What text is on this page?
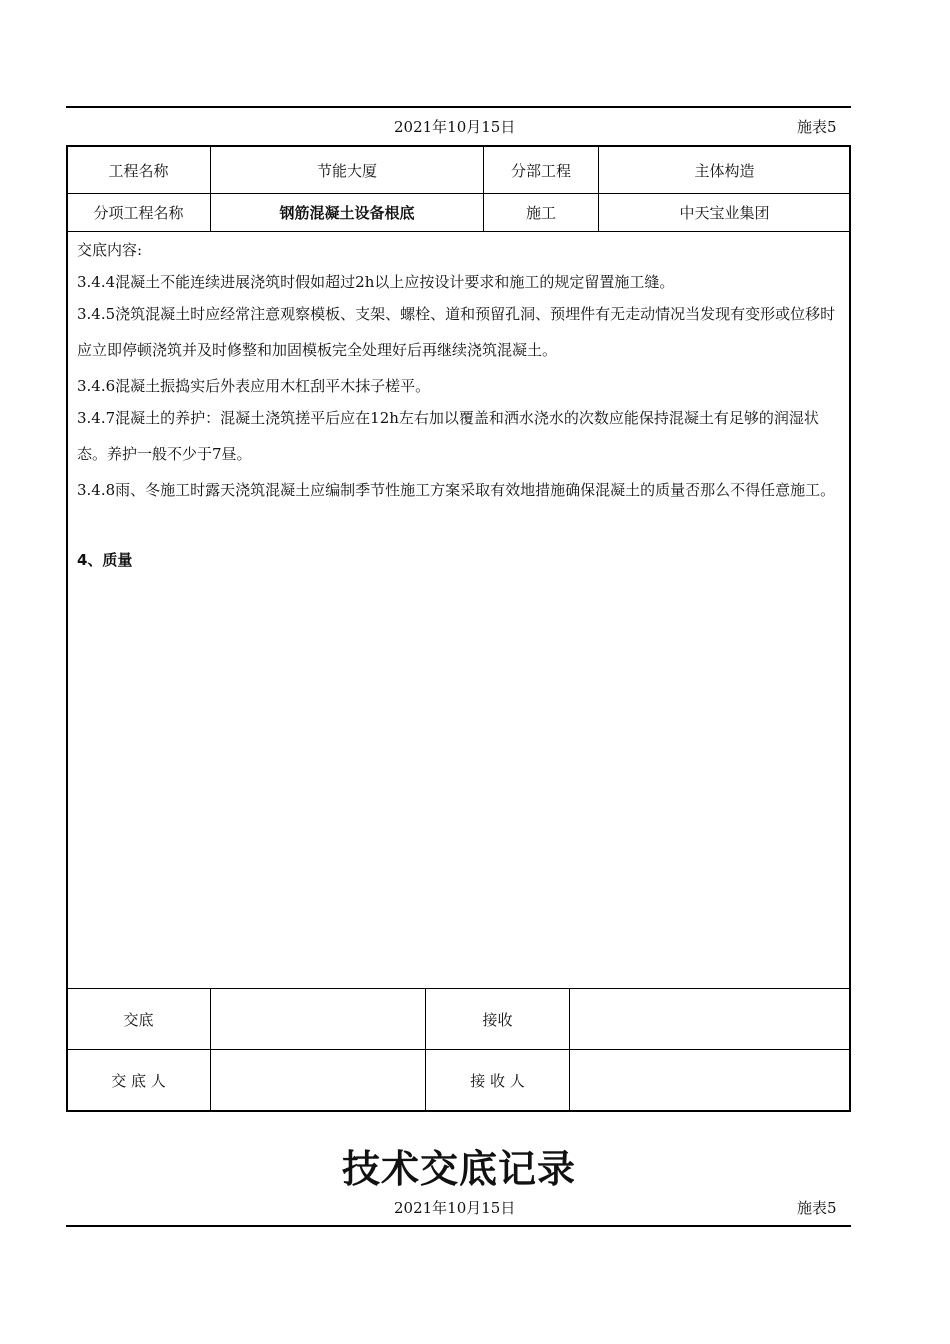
2021年10月15日	施表5
工程名称	节能大厦	分部工程	主体构造
分项工程名称	钢筋混凝土设备根底	施工	中天宝业集团
交底内容:
3.4.4混凝土不能连续进展浇筑时假如超过2h以上应按设计要求和施工的规定留置施工缝。
3.4.5浇筑混凝土时应经常注意观察模板、支架、螺栓、道和预留孔洞、预埋件有无走动情况当发现有变形或位移时应立即停顿浇筑并及时修整和加固模板完全处理好后再继续浇筑混凝土。
3.4.6混凝土振捣实后外表应用木杠刮平木抹子槎平。
3.4.7混凝土的养护：混凝土浇筑搓平后应在12h左右加以覆盖和洒水浇水的次数应能保持混凝土有足够的润湿状态。养护一般不少于7昼。
3.4.8雨、冬施工时露天浇筑混凝土应编制季节性施工方案采取有效地措施确保混凝土的质量否那么不得任意施工。
4、质量
交底	接收
交 底 人	接 收 人
技术交底记录
2021年10月15日	施表5
